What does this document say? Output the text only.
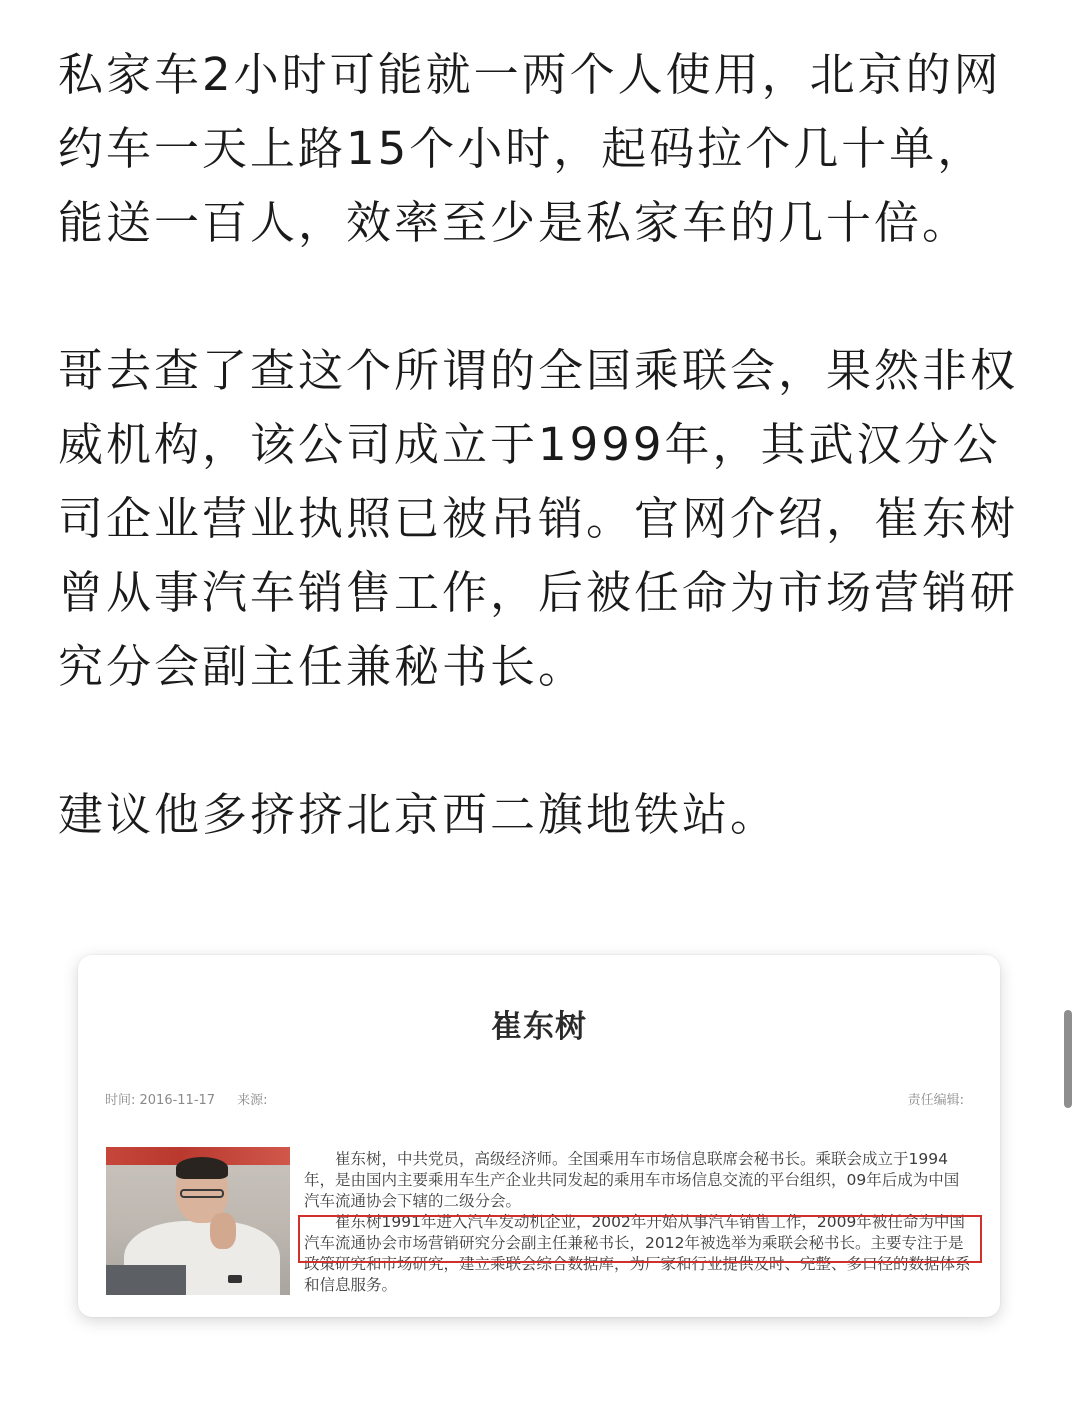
私家车2小时可能就一两个人使用，北京的网约车一天上路15个小时，起码拉个几十单，能送一百人，效率至少是私家车的几十倍。

哥去查了查这个所谓的全国乘联会，果然非权威机构，该公司成立于1999年，其武汉分公司企业营业执照已被吊销。官网介绍，崔东树曾从事汽车销售工作，后被任命为市场营销研究分会副主任兼秘书长。

建议他多挤挤北京西二旗地铁站。

崔东树
时间: 2016-11-17 来源:	责任编辑:

崔东树，中共党员，高级经济师。全国乘用车市场信息联席会秘书长。乘联会成立于1994年，是由国内主要乘用车生产企业共同发起的乘用车市场信息交流的平台组织，09年后成为中国汽车流通协会下辖的二级分会。

崔东树1991年进入汽车发动机企业，2002年开始从事汽车销售工作，2009年被任命为中国汽车流通协会市场营销研究分会副主任兼秘书长，2012年被选举为乘联会秘书长。主要专注于是政策研究和市场研究，建立乘联会综合数据库，为厂家和行业提供及时、完整、多口径的数据体系和信息服务。
